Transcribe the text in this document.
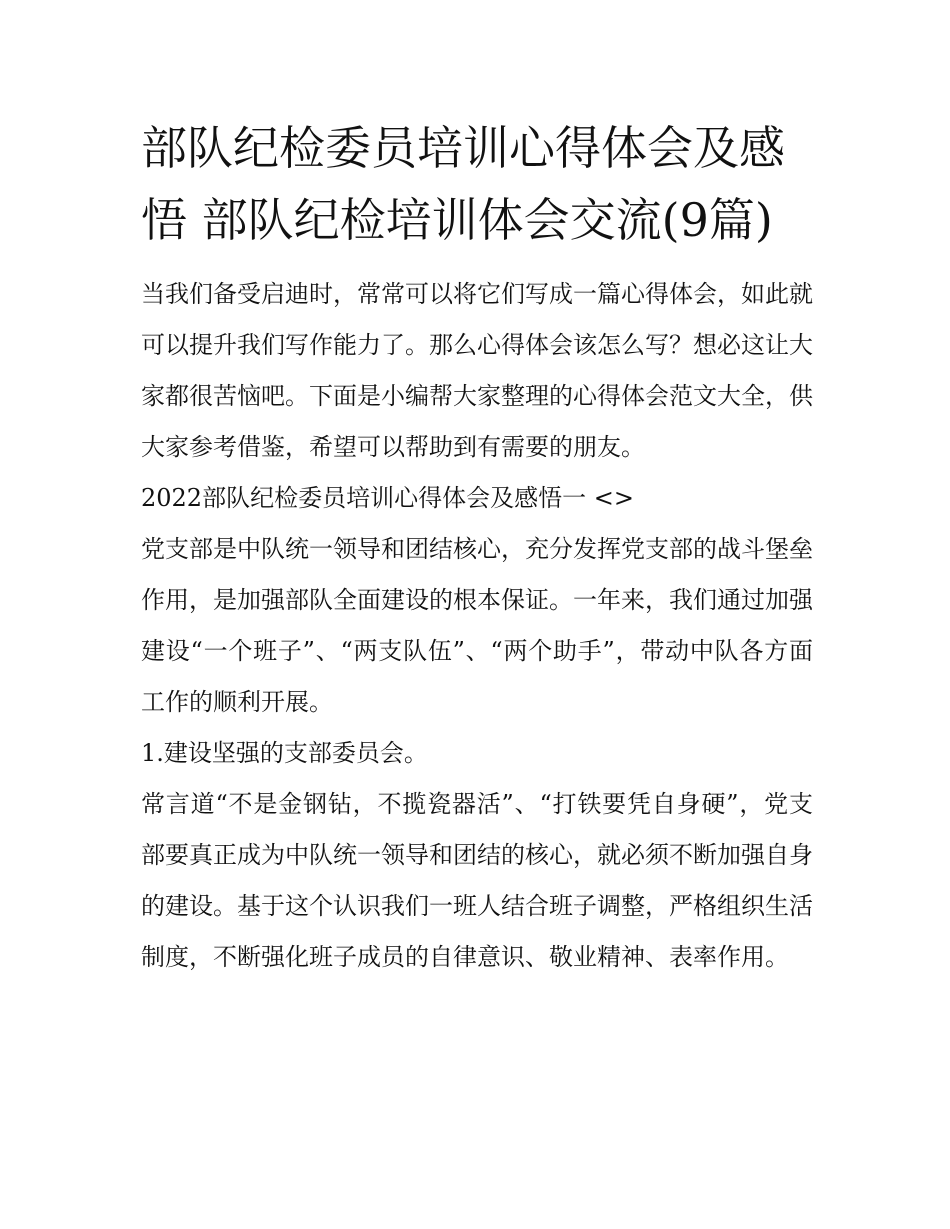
部队纪检委员培训心得体会及感悟 部队纪检培训体会交流(9篇)

当我们备受启迪时，常常可以将它们写成一篇心得体会，如此就可以提升我们写作能力了。那么心得体会该怎么写？想必这让大家都很苦恼吧。下面是小编帮大家整理的心得体会范文大全，供大家参考借鉴，希望可以帮助到有需要的朋友。

2022部队纪检委员培训心得体会及感悟一 <>

党支部是中队统一领导和团结核心，充分发挥党支部的战斗堡垒作用，是加强部队全面建设的根本保证。一年来，我们通过加强建设“一个班子”、“两支队伍”、“两个助手”，带动中队各方面工作的顺利开展。

1.建设坚强的支部委员会。

常言道“不是金钢钻，不揽瓷器活”、“打铁要凭自身硬”，党支部要真正成为中队统一领导和团结的核心，就必须不断加强自身的建设。基于这个认识我们一班人结合班子调整，严格组织生活制度，不断强化班子成员的自律意识、敬业精神、表率作用。
